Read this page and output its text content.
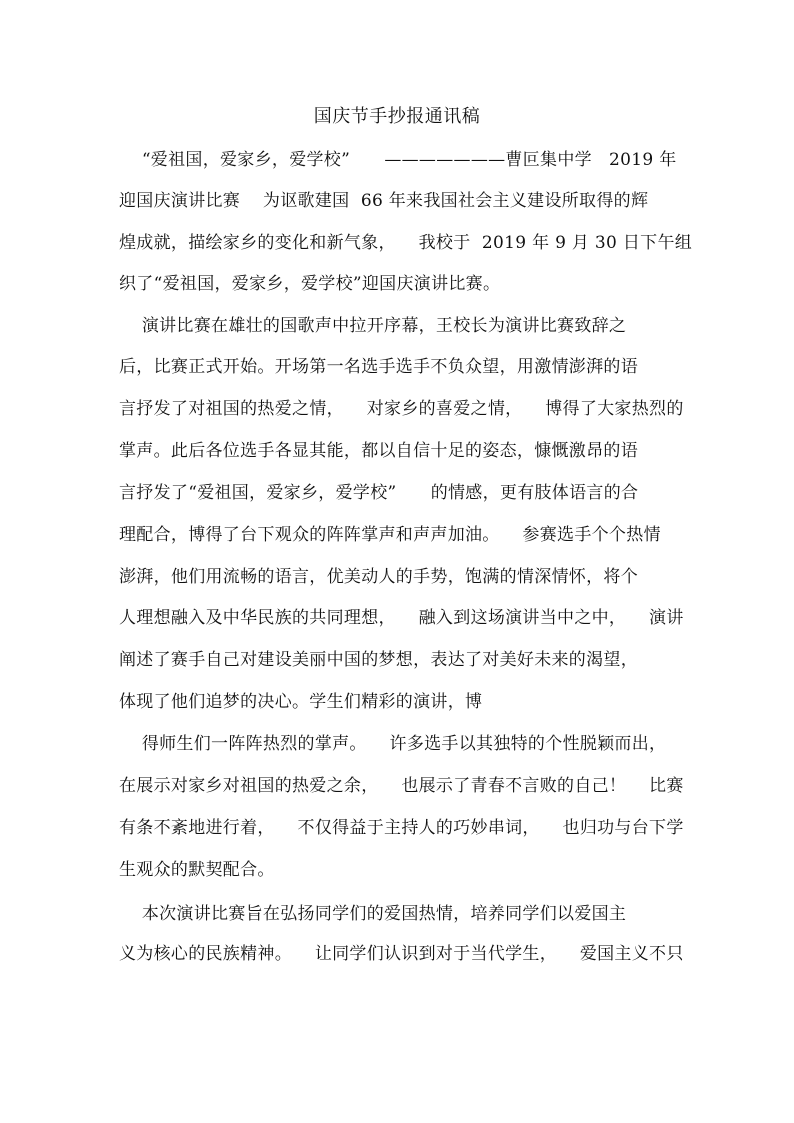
国庆节手抄报通讯稿
“爱祖国，爱家乡，爱学校”      ———————曹叵集中学   2019 年
迎国庆演讲比赛    为讴歌建国  66 年来我国社会主义建设所取得的辉
煌成就，描绘家乡的变化和新气象，    我校于  2019 年 9 月 30 日下午组
织了“爱祖国，爱家乡，爱学校”迎国庆演讲比赛。
演讲比赛在雄壮的国歌声中拉开序幕，王校长为演讲比赛致辞之
后，比赛正式开始。开场第一名选手选手不负众望，用激情澎湃的语
言抒发了对祖国的热爱之情，    对家乡的喜爱之情，    博得了大家热烈的
掌声。此后各位选手各显其能，都以自信十足的姿态，慷慨激昂的语
言抒发了“爱祖国，爱家乡，爱学校”      的情感，更有肢体语言的合
理配合，博得了台下观众的阵阵掌声和声声加油。    参赛选手个个热情
澎湃，他们用流畅的语言，优美动人的手势，饱满的情深情怀，将个
人理想融入及中华民族的共同理想，    融入到这场演讲当中之中，    演讲
阐述了赛手自己对建设美丽中国的梦想，表达了对美好未来的渴望，
体现了他们追梦的决心。学生们精彩的演讲，博
得师生们一阵阵热烈的掌声。    许多选手以其独特的个性脱颖而出，
在展示对家乡对祖国的热爱之余，    也展示了青春不言败的自己！    比赛
有条不紊地进行着，    不仅得益于主持人的巧妙串词，    也归功与台下学
生观众的默契配合。
本次演讲比赛旨在弘扬同学们的爱国热情，培养同学们以爱国主
义为核心的民族精神。    让同学们认识到对于当代学生，    爱国主义不只
